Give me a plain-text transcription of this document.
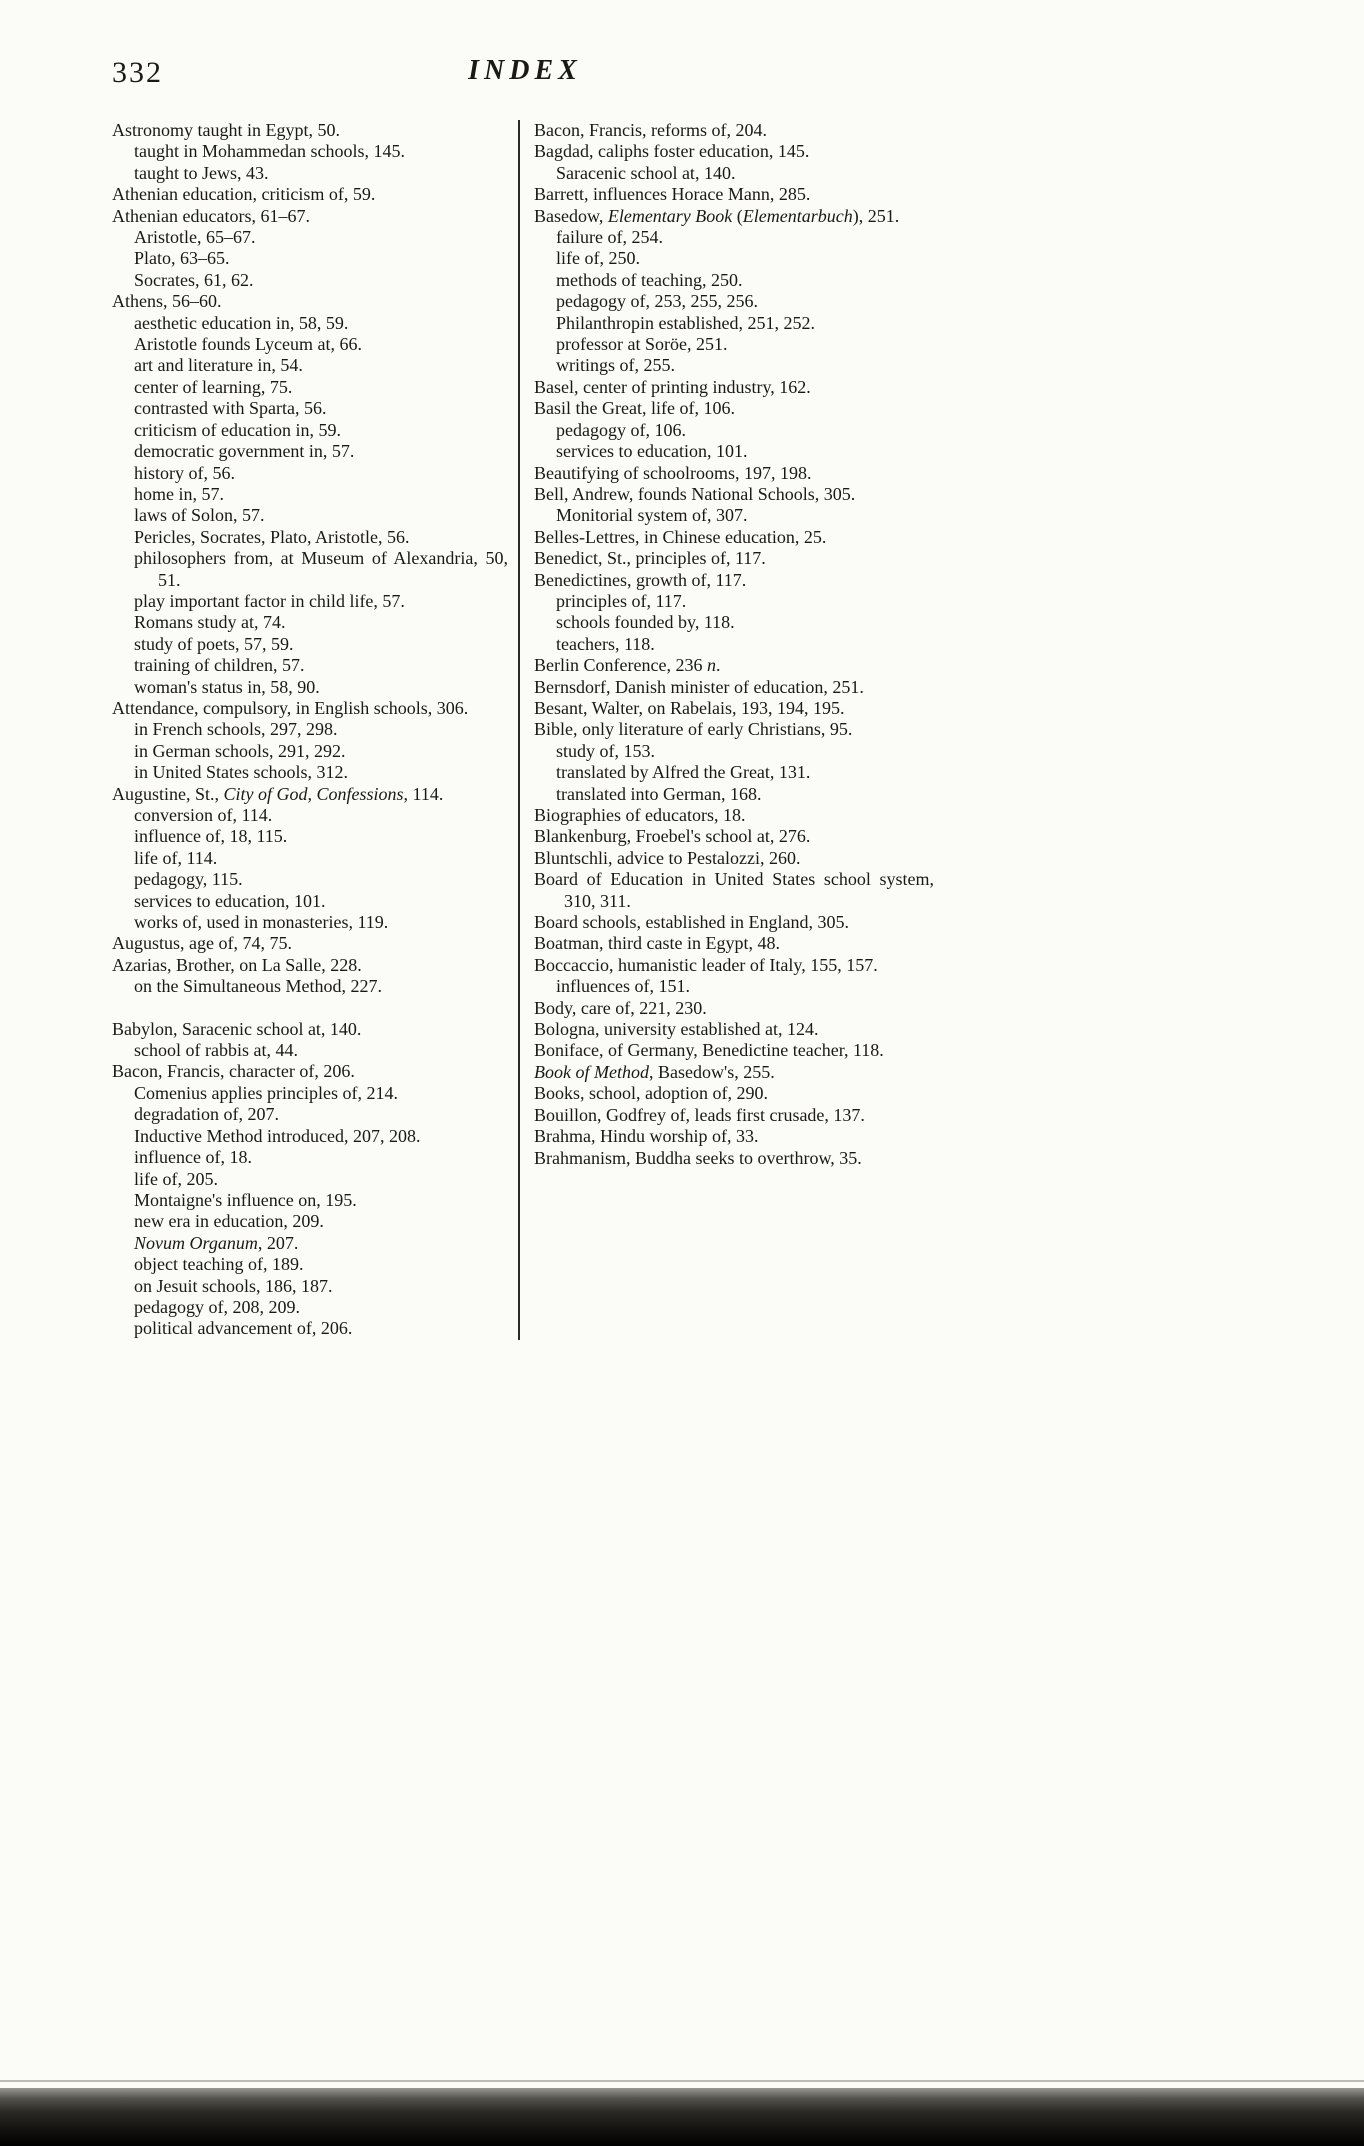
332	INDEX
Astronomy taught in Egypt, 50.
taught in Mohammedan schools, 145.
taught to Jews, 43.
Athenian education, criticism of, 59.
Athenian educators, 61–67.
Aristotle, 65–67.
Plato, 63–65.
Socrates, 61, 62.
Athens, 56–60.
aesthetic education in, 58, 59.
Aristotle founds Lyceum at, 66.
art and literature in, 54.
center of learning, 75.
contrasted with Sparta, 56.
criticism of education in, 59.
democratic government in, 57.
history of, 56.
home in, 57.
laws of Solon, 57.
Pericles, Socrates, Plato, Aristotle, 56.
philosophers from, at Museum of Alexandria, 50, 51.
play important factor in child life, 57.
Romans study at, 74.
study of poets, 57, 59.
training of children, 57.
woman's status in, 58, 90.
Attendance, compulsory, in English schools, 306.
in French schools, 297, 298.
in German schools, 291, 292.
in United States schools, 312.
Augustine, St., City of God, Confessions, 114.
conversion of, 114.
influence of, 18, 115.
life of, 114.
pedagogy, 115.
services to education, 101.
works of, used in monasteries, 119.
Augustus, age of, 74, 75.
Azarias, Brother, on La Salle, 228.
on the Simultaneous Method, 227.
Babylon, Saracenic school at, 140.
school of rabbis at, 44.
Bacon, Francis, character of, 206.
Comenius applies principles of, 214.
degradation of, 207.
Inductive Method introduced, 207, 208.
influence of, 18.
life of, 205.
Montaigne's influence on, 195.
new era in education, 209.
Novum Organum, 207.
object teaching of, 189.
on Jesuit schools, 186, 187.
pedagogy of, 208, 209.
political advancement of, 206.
Bacon, Francis, reforms of, 204.
Bagdad, caliphs foster education, 145.
Saracenic school at, 140.
Barrett, influences Horace Mann, 285.
Basedow, Elementary Book (Elementarbuch), 251.
failure of, 254.
life of, 250.
methods of teaching, 250.
pedagogy of, 253, 255, 256.
Philanthropin established, 251, 252.
professor at Soröe, 251.
writings of, 255.
Basel, center of printing industry, 162.
Basil the Great, life of, 106.
pedagogy of, 106.
services to education, 101.
Beautifying of schoolrooms, 197, 198.
Bell, Andrew, founds National Schools, 305.
Monitorial system of, 307.
Belles-Lettres, in Chinese education, 25.
Benedict, St., principles of, 117.
Benedictines, growth of, 117.
principles of, 117.
schools founded by, 118.
teachers, 118.
Berlin Conference, 236 n.
Bernsdorf, Danish minister of education, 251.
Besant, Walter, on Rabelais, 193, 194, 195.
Bible, only literature of early Christians, 95.
study of, 153.
translated by Alfred the Great, 131.
translated into German, 168.
Biographies of educators, 18.
Blankenburg, Froebel's school at, 276.
Bluntschli, advice to Pestalozzi, 260.
Board of Education in United States school system, 310, 311.
Board schools, established in England, 305.
Boatman, third caste in Egypt, 48.
Boccaccio, humanistic leader of Italy, 155, 157.
influences of, 151.
Body, care of, 221, 230.
Bologna, university established at, 124.
Boniface, of Germany, Benedictine teacher, 118.
Book of Method, Basedow's, 255.
Books, school, adoption of, 290.
Bouillon, Godfrey of, leads first crusade, 137.
Brahma, Hindu worship of, 33.
Brahmanism, Buddha seeks to overthrow, 35.
